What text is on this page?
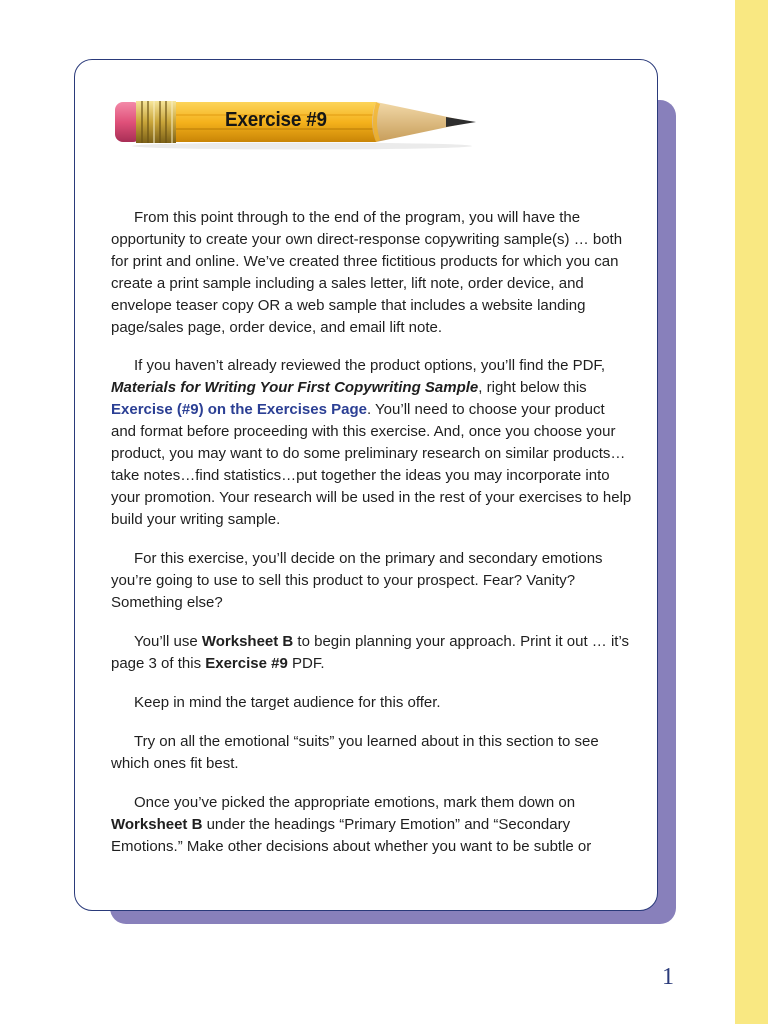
Exercise #9

From this point through to the end of the program, you will have the opportunity to create your own direct-response copywriting sample(s) … both for print and online. We’ve created three fictitious products for which you can create a print sample including a sales letter, lift note, order device, and envelope teaser copy OR a web sample that includes a website landing page/sales page, order device, and email lift note.

If you haven’t already reviewed the product options, you’ll find the PDF, Materials for Writing Your First Copywriting Sample, right below this Exercise (#9) on the Exercises Page. You’ll need to choose your product and format before proceeding with this exercise. And, once you choose your product, you may want to do some preliminary research on similar products…take notes…find statistics…put together the ideas you may incorporate into your promotion. Your research will be used in the rest of your exercises to help build your writing sample.

For this exercise, you’ll decide on the primary and secondary emotions you’re going to use to sell this product to your prospect. Fear? Vanity? Something else?

You’ll use Worksheet B to begin planning your approach. Print it out … it’s page 3 of this Exercise #9 PDF.

Keep in mind the target audience for this offer.

Try on all the emotional “suits” you learned about in this section to see which ones fit best.

Once you’ve picked the appropriate emotions, mark them down on Worksheet B under the headings “Primary Emotion” and “Secondary Emotions.” Make other decisions about whether you want to be subtle or

1
